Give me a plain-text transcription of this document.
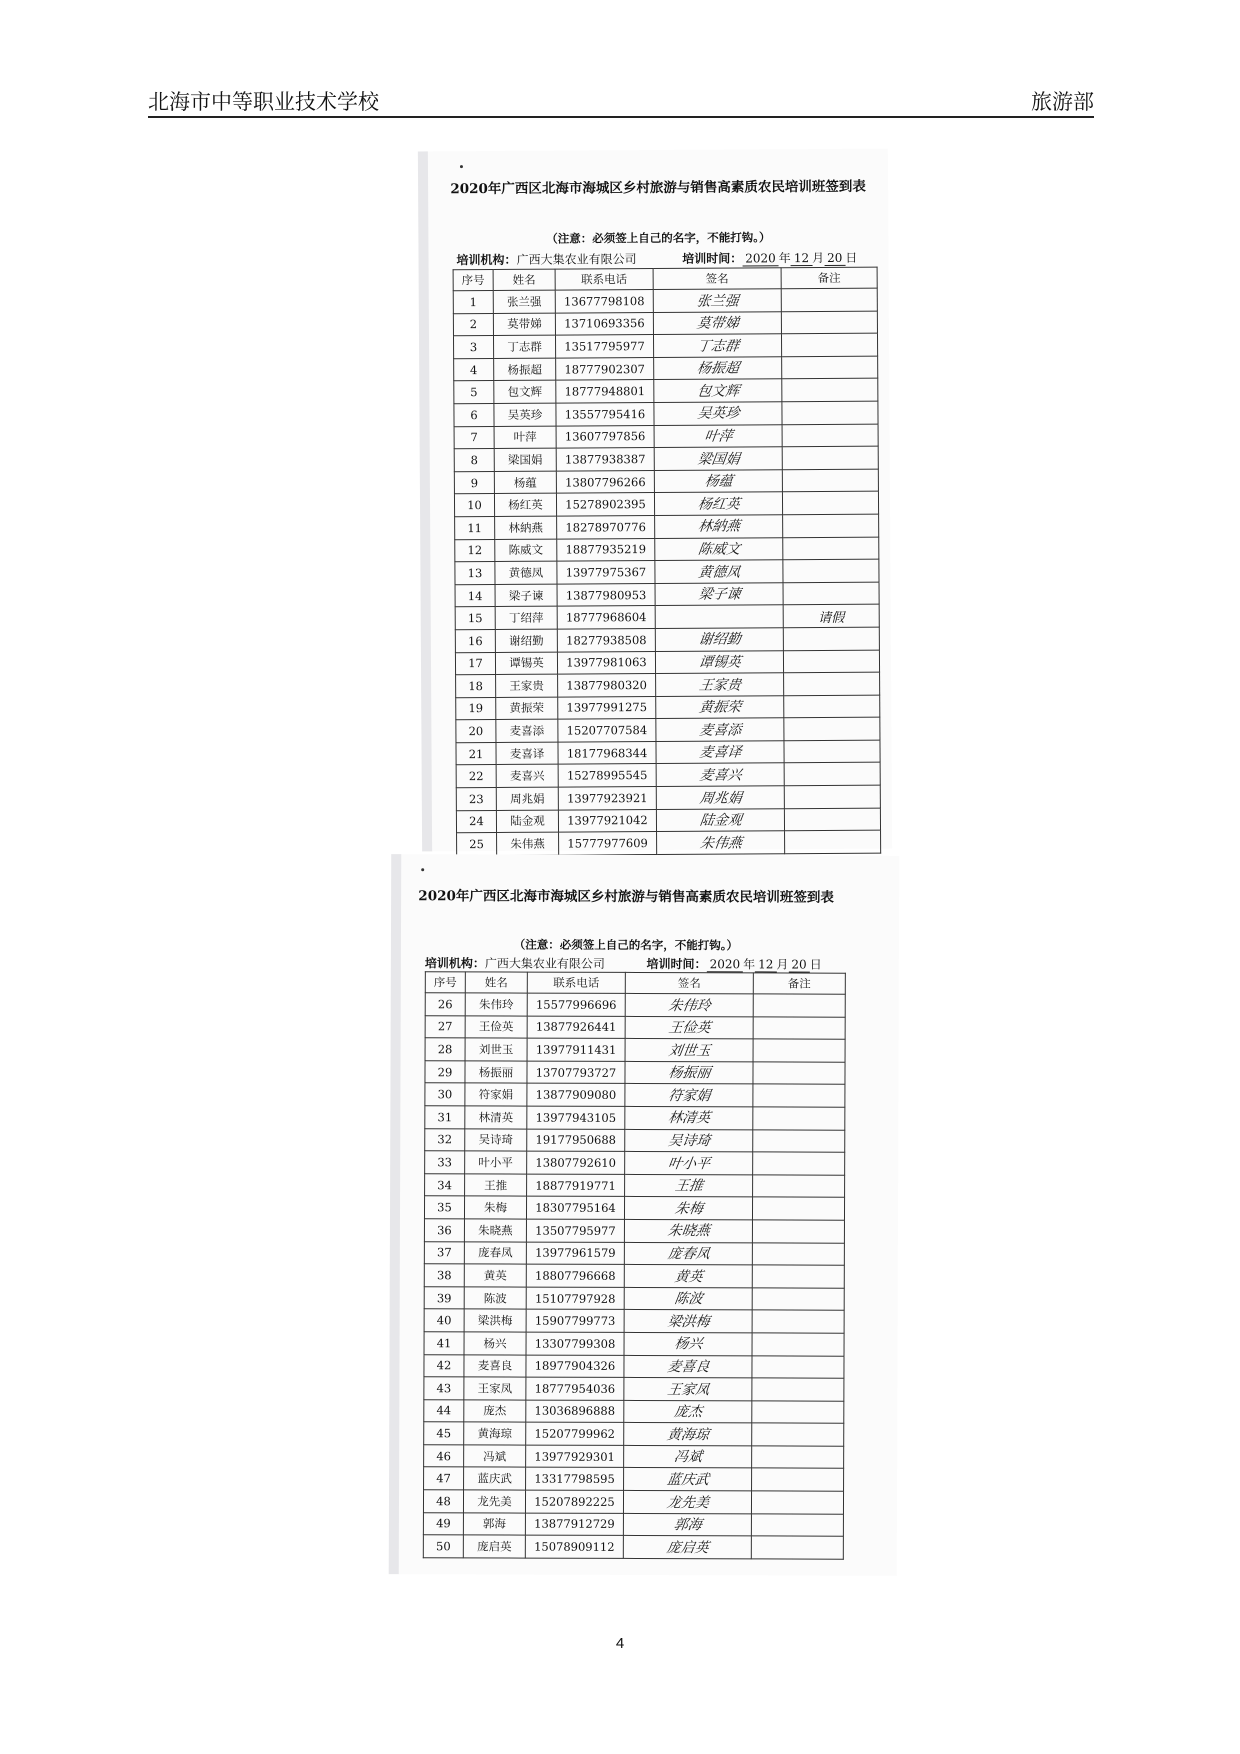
北海市中等职业技术学校	旅游部
2020年广西区北海市海城区乡村旅游与销售高素质农民培训班签到表
（注意：必须签上自己的名字，不能打钩。）
培训机构：广西大集农业有限公司	培训时间： 2020 年 12 月 20 日
序号	姓名	联系电话	签名	备注
1	张兰强	13677798108	张兰强	
2	莫带娣	13710693356	莫带娣	
3	丁志群	13517795977	丁志群	
4	杨振超	18777902307	杨振超	
5	包文辉	18777948801	包文辉	
6	吴英珍	13557795416	吴英珍	
7	叶萍	13607797856	叶萍	
8	梁国娟	13877938387	梁国娟	
9	杨蕴	13807796266	杨蕴	
10	杨红英	15278902395	杨红英	
11	林納燕	18278970776	林納燕	
12	陈威文	18877935219	陈威文	
13	黄德凤	13977975367	黄德凤	
14	梁子谏	13877980953	梁子谏	
15	丁绍萍	18777968604		请假
16	谢绍勤	18277938508	谢绍勤	
17	谭锡英	13977981063	谭锡英	
18	王家贵	13877980320	王家贵	
19	黄振荣	13977991275	黄振荣	
20	麦喜添	15207707584	麦喜添	
21	麦喜译	18177968344	麦喜译	
22	麦喜兴	15278995545	麦喜兴	
23	周兆娟	13977923921	周兆娟	
24	陆金观	13977921042	陆金观	
25	朱伟燕	15777977609	朱伟燕	
2020年广西区北海市海城区乡村旅游与销售高素质农民培训班签到表
（注意：必须签上自己的名字，不能打钩。）
培训机构：广西大集农业有限公司	培训时间： 2020 年 12 月 20 日
序号	姓名	联系电话	签名	备注
26	朱伟玲	15577996696	朱伟玲	
27	王俭英	13877926441	王俭英	
28	刘世玉	13977911431	刘世玉	
29	杨振丽	13707793727	杨振丽	
30	符家娟	13877909080	符家娟	
31	林清英	13977943105	林清英	
32	吴诗琦	19177950688	吴诗琦	
33	叶小平	13807792610	叶小平	
34	王推	18877919771	王推	
35	朱梅	18307795164	朱梅	
36	朱晓燕	13507795977	朱晓燕	
37	庞春凤	13977961579	庞春凤	
38	黄英	18807796668	黄英	
39	陈波	15107797928	陈波	
40	梁洪梅	15907799773	梁洪梅	
41	杨兴	13307799308	杨兴	
42	麦喜良	18977904326	麦喜良	
43	王家凤	18777954036	王家凤	
44	庞杰	13036896888	庞杰	
45	黄海琼	15207799962	黄海琼	
46	冯斌	13977929301	冯斌	
47	蓝庆武	13317798595	蓝庆武	
48	龙先美	15207892225	龙先美	
49	郭海	13877912729	郭海	
50	庞启英	15078909112	庞启英	
4
